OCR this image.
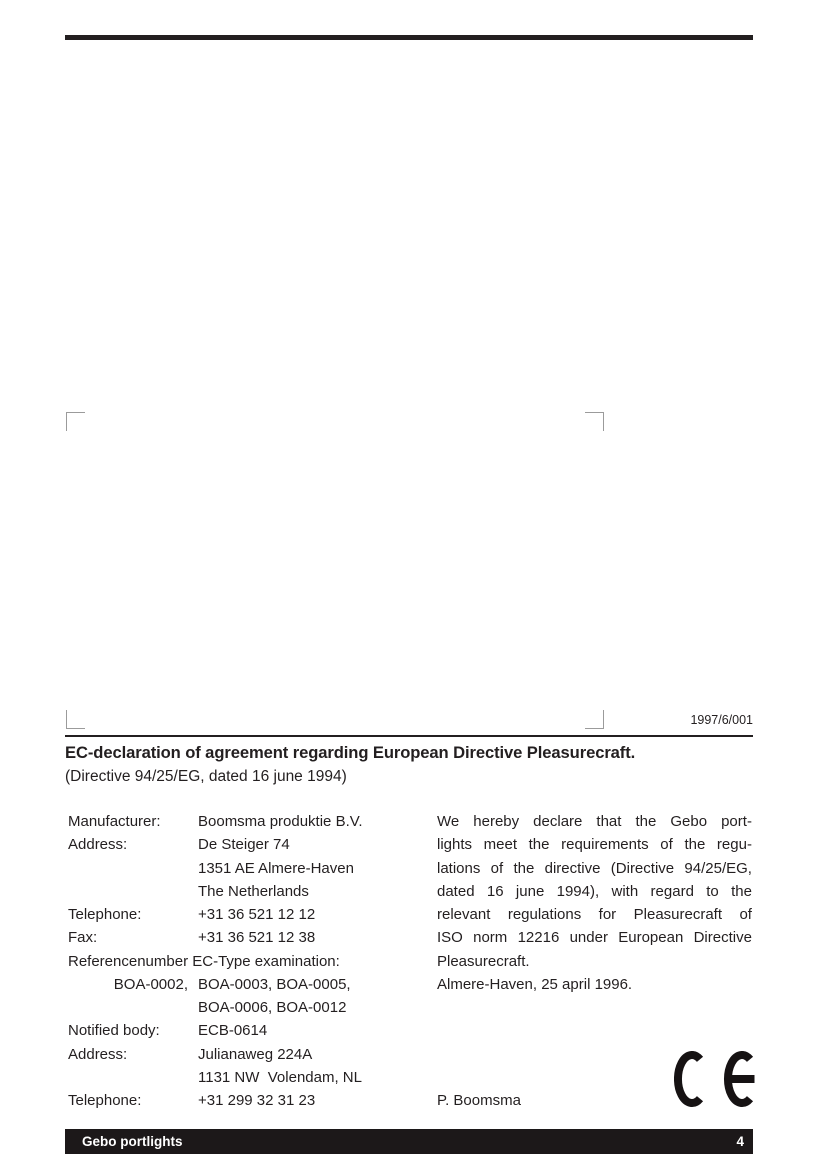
1997/6/001
EC-declaration of agreement regarding European Directive Pleasurecraft.
(Directive 94/25/EG, dated 16 june 1994)
Manufacturer:	Boomsma produktie B.V.
Address:	De Steiger 74
1351 AE Almere-Haven
The Netherlands
Telephone:	+31 36 521 12 12
Fax:	+31 36 521 12 38
Referencenumber EC-Type examination:
BOA-0002, BOA-0003, BOA-0005,
BOA-0006, BOA-0012
Notified body:	ECB-0614
Address:	Julianaweg 224A
1131 NW  Volendam, NL
Telephone:	+31 299 32 31 23
We hereby declare that the Gebo port-
lights meet the requirements of the regu-
lations of the directive (Directive 94/25/EG,
dated 16 june 1994), with regard to the
relevant regulations for Pleasurecraft of
ISO norm 12216 under European Directive
Pleasurecraft.
Almere-Haven, 25 april 1996.
P. Boomsma
Gebo portlights	4
